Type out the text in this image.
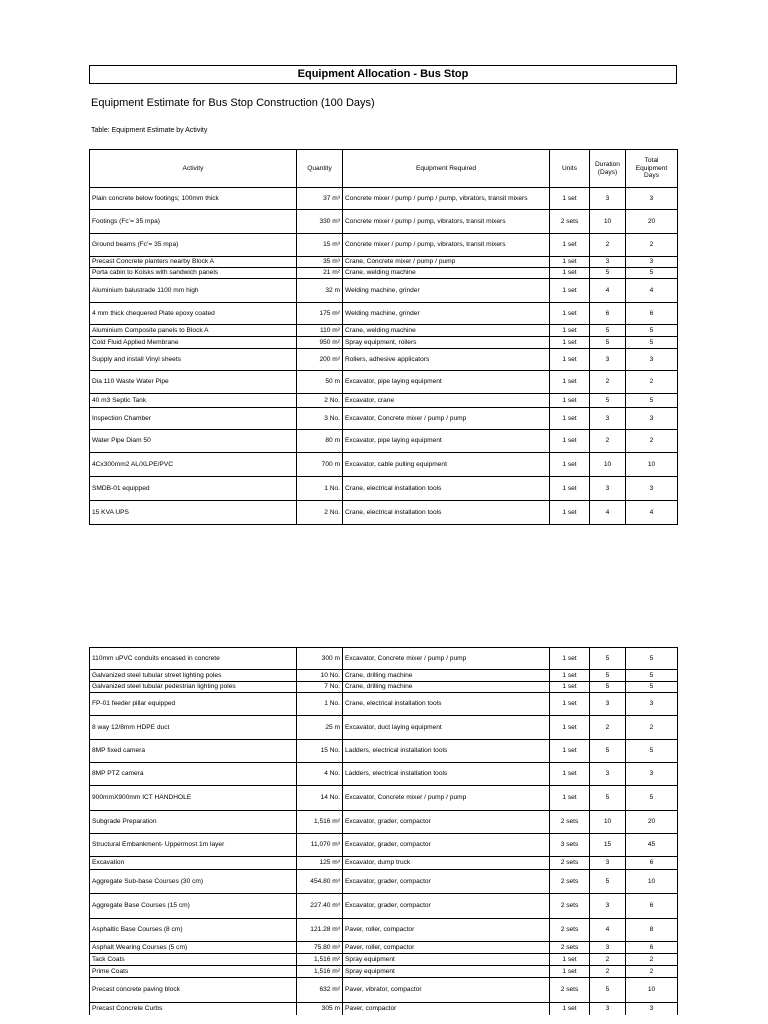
Equipment Allocation - Bus Stop
Equipment Estimate for Bus Stop Construction (100 Days)
Table: Equipment Estimate by Activity
Activity	Quantity	Equipment Required	Units	Duration (Days)	Total Equipment Days
Plain concrete below footings; 100mm thick	37 m³	Concrete mixer / pump / pump / pump, vibrators, transit mixers	1 set	3	3
Footings (Fc’= 35 mpa)	330 m³	Concrete mixer / pump / pump, vibrators, transit mixers	2 sets	10	20
Ground beams (Fc’= 35 mpa)	15 m³	Concrete mixer / pump / pump, vibrators, transit mixers	1 set	2	2
Precast Concrete planters nearby Block A	35 m³	Crane, Concrete mixer / pump / pump	1 set	3	3
Porta cabin to Koisks with sandwich panels	21 m²	Crane, welding machine	1 set	5	5
Aluminium balustrade 1100 mm high	32 m	Welding machine, grinder	1 set	4	4
4 mm thick chequered Plate epoxy coated	175 m²	Welding machine, grinder	1 set	6	6
Aluminium Composite panels to Block A	110 m²	Crane, welding machine	1 set	5	5
Cold Fluid Applied Membrane	950 m²	Spray equipment, rollers	1 set	5	5
Supply and install Vinyl sheets	200 m²	Rollers, adhesive applicators	1 set	3	3
Dia 110 Waste Water Pipe	50 m	Excavator, pipe laying equipment	1 set	2	2
40 m3 Septic Tank	2 No.	Excavator, crane	1 set	5	5
Inspection Chamber	3 No.	Excavator, Concrete mixer / pump / pump	1 set	3	3
Water Pipe Diam 50	80 m	Excavator, pipe laying equipment	1 set	2	2
4Cx300mm2 AL/XLPE/PVC	700 m	Excavator, cable pulling equipment	1 set	10	10
SMDB-01 equipped	1 No.	Crane, electrical installation tools	1 set	3	3
15 KVA UPS	2 No.	Crane, electrical installation tools	1 set	4	4
110mm uPVC conduits encased in concrete	300 m	Excavator, Concrete mixer / pump / pump	1 set	5	5
Galvanized steel tubular street lighting poles	10 No.	Crane, drilling machine	1 set	5	5
Galvanized steel tubular pedestrian lighting poles	7 No.	Crane, drilling machine	1 set	5	5
FP-01 feeder pillar equipped	1 No.	Crane, electrical installation tools	1 set	3	3
8 way 12/8mm HDPE duct	25 m	Excavator, duct laying equipment	1 set	2	2
8MP fixed camera	15 No.	Ladders, electrical installation tools	1 set	5	5
8MP PTZ camera	4 No.	Ladders, electrical installation tools	1 set	3	3
900mmX900mm ICT HANDHOLE	14 No.	Excavator, Concrete mixer / pump / pump	1 set	5	5
Subgrade Preparation	1,516 m²	Excavator, grader, compactor	2 sets	10	20
Structural Embankment- Uppermost 1m layer	11,070 m³	Excavator, grader, compactor	3 sets	15	45
Excavation	125 m³	Excavator, dump truck	2 sets	3	6
Aggregate Sub-base Courses (30 cm)	454.80 m³	Excavator, grader, compactor	2 sets	5	10
Aggregate Base Courses (15 cm)	227.40 m³	Excavator, grader, compactor	2 sets	3	6
Asphaltic Base Courses (8 cm)	121.28 m³	Paver, roller, compactor	2 sets	4	8
Asphalt Wearing Courses (5 cm)	75.80 m³	Paver, roller, compactor	2 sets	3	6
Tack Coats	1,516 m²	Spray equipment	1 set	2	2
Prime Coats	1,516 m²	Spray equipment	1 set	2	2
Precast concrete paving block	632 m²	Paver, vibrator, compactor	2 sets	5	10
Precast Concrete Curbs	305 m	Paver, compactor	1 set	3	3
